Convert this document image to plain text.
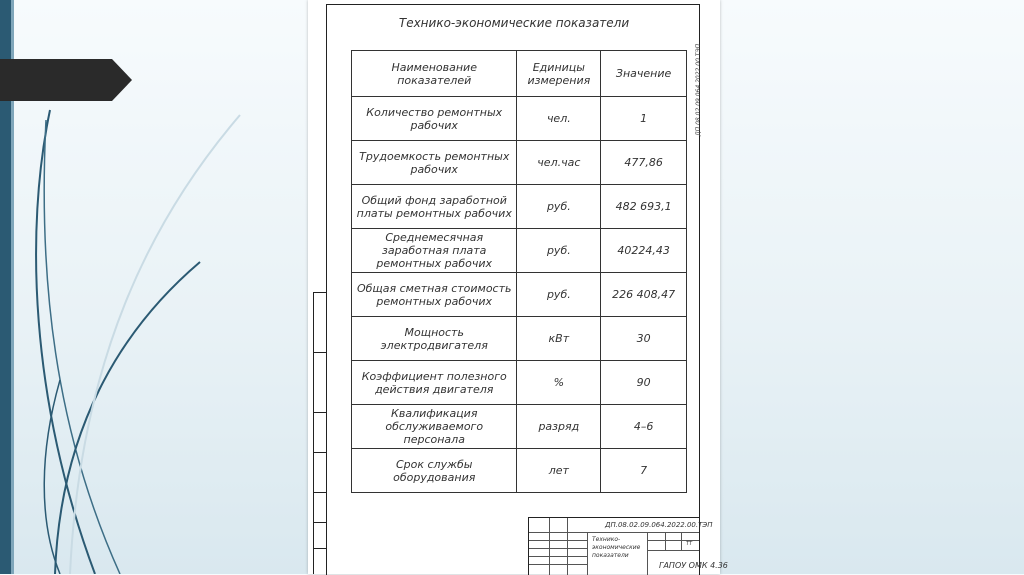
Технико-экономические показатели
ДП.08.02.09.064.2022.00 ТЭП
Наименование показателей	Единицы измерения	Значение
Количество ремонтных рабочих	чел.	1
Трудоемкость ремонтных рабочих	чел.час	477,86
Общий фонд заработной платы ремонтных рабочих	руб.	482 693,1
Среднемесячная заработная плата ремонтных рабочих	руб.	40224,43
Общая сметная стоимость ремонтных рабочих	руб.	226 408,47
Мощность электродвигателя	кВт	30
Коэффициент полезного действия двигателя	%	90
Квалификация обслуживаемого персонала	разряд	4–6
Срок службы оборудования	лет	7
ДП.08.02.09.064.2022.00.ТЭП
Технико-экономические показатели
ТТ
ГАПОУ ОМК 4.36
